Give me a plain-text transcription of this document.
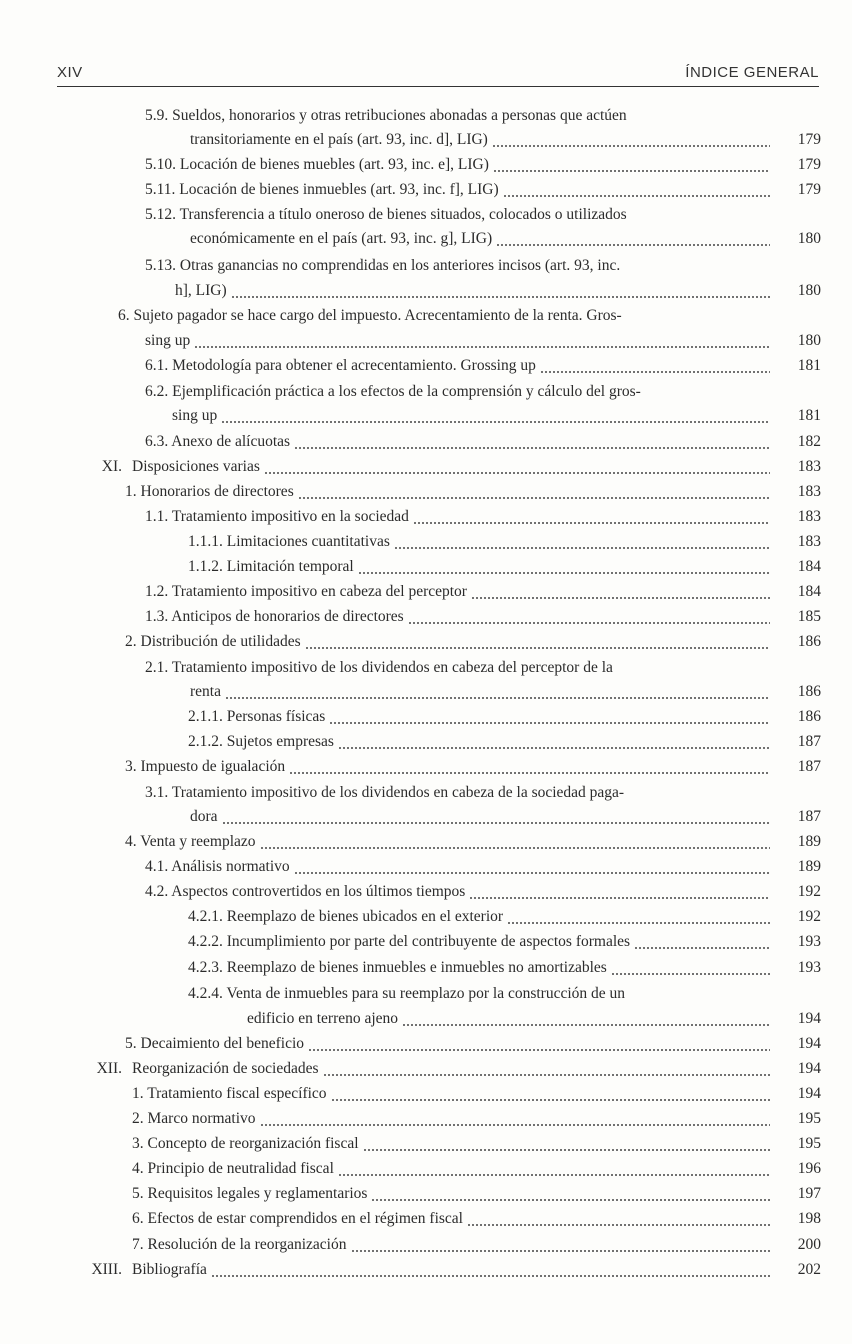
XIV	ÍNDICE GENERAL
5.9. Sueldos, honorarios y otras retribuciones abonadas a personas que actúen
transitoriamente en el país (art. 93, inc. d], LIG)	179
5.10. Locación de bienes muebles (art. 93, inc. e], LIG)	179
5.11. Locación de bienes inmuebles (art. 93, inc. f], LIG)	179
5.12. Transferencia a título oneroso de bienes situados, colocados o utilizados
económicamente en el país (art. 93, inc. g], LIG)	180
5.13. Otras ganancias no comprendidas en los anteriores incisos (art. 93, inc.
h], LIG)	180
6. Sujeto pagador se hace cargo del impuesto. Acrecentamiento de la renta. Gros-
sing up	180
6.1. Metodología para obtener el acrecentamiento. Grossing up	181
6.2. Ejemplificación práctica a los efectos de la comprensión y cálculo del gros-
sing up	181
6.3. Anexo de alícuotas	182
XI. Disposiciones varias	183
1. Honorarios de directores	183
1.1. Tratamiento impositivo en la sociedad	183
1.1.1. Limitaciones cuantitativas	183
1.1.2. Limitación temporal	184
1.2. Tratamiento impositivo en cabeza del perceptor	184
1.3. Anticipos de honorarios de directores	185
2. Distribución de utilidades	186
2.1. Tratamiento impositivo de los dividendos en cabeza del perceptor de la
renta	186
2.1.1. Personas físicas	186
2.1.2. Sujetos empresas	187
3. Impuesto de igualación	187
3.1. Tratamiento impositivo de los dividendos en cabeza de la sociedad paga-
dora	187
4. Venta y reemplazo	189
4.1. Análisis normativo	189
4.2. Aspectos controvertidos en los últimos tiempos	192
4.2.1. Reemplazo de bienes ubicados en el exterior	192
4.2.2. Incumplimiento por parte del contribuyente de aspectos formales	193
4.2.3. Reemplazo de bienes inmuebles e inmuebles no amortizables	193
4.2.4. Venta de inmuebles para su reemplazo por la construcción de un
edificio en terreno ajeno	194
5. Decaimiento del beneficio	194
XII. Reorganización de sociedades	194
1. Tratamiento fiscal específico	194
2. Marco normativo	195
3. Concepto de reorganización fiscal	195
4. Principio de neutralidad fiscal	196
5. Requisitos legales y reglamentarios	197
6. Efectos de estar comprendidos en el régimen fiscal	198
7. Resolución de la reorganización	200
XIII. Bibliografía	202
